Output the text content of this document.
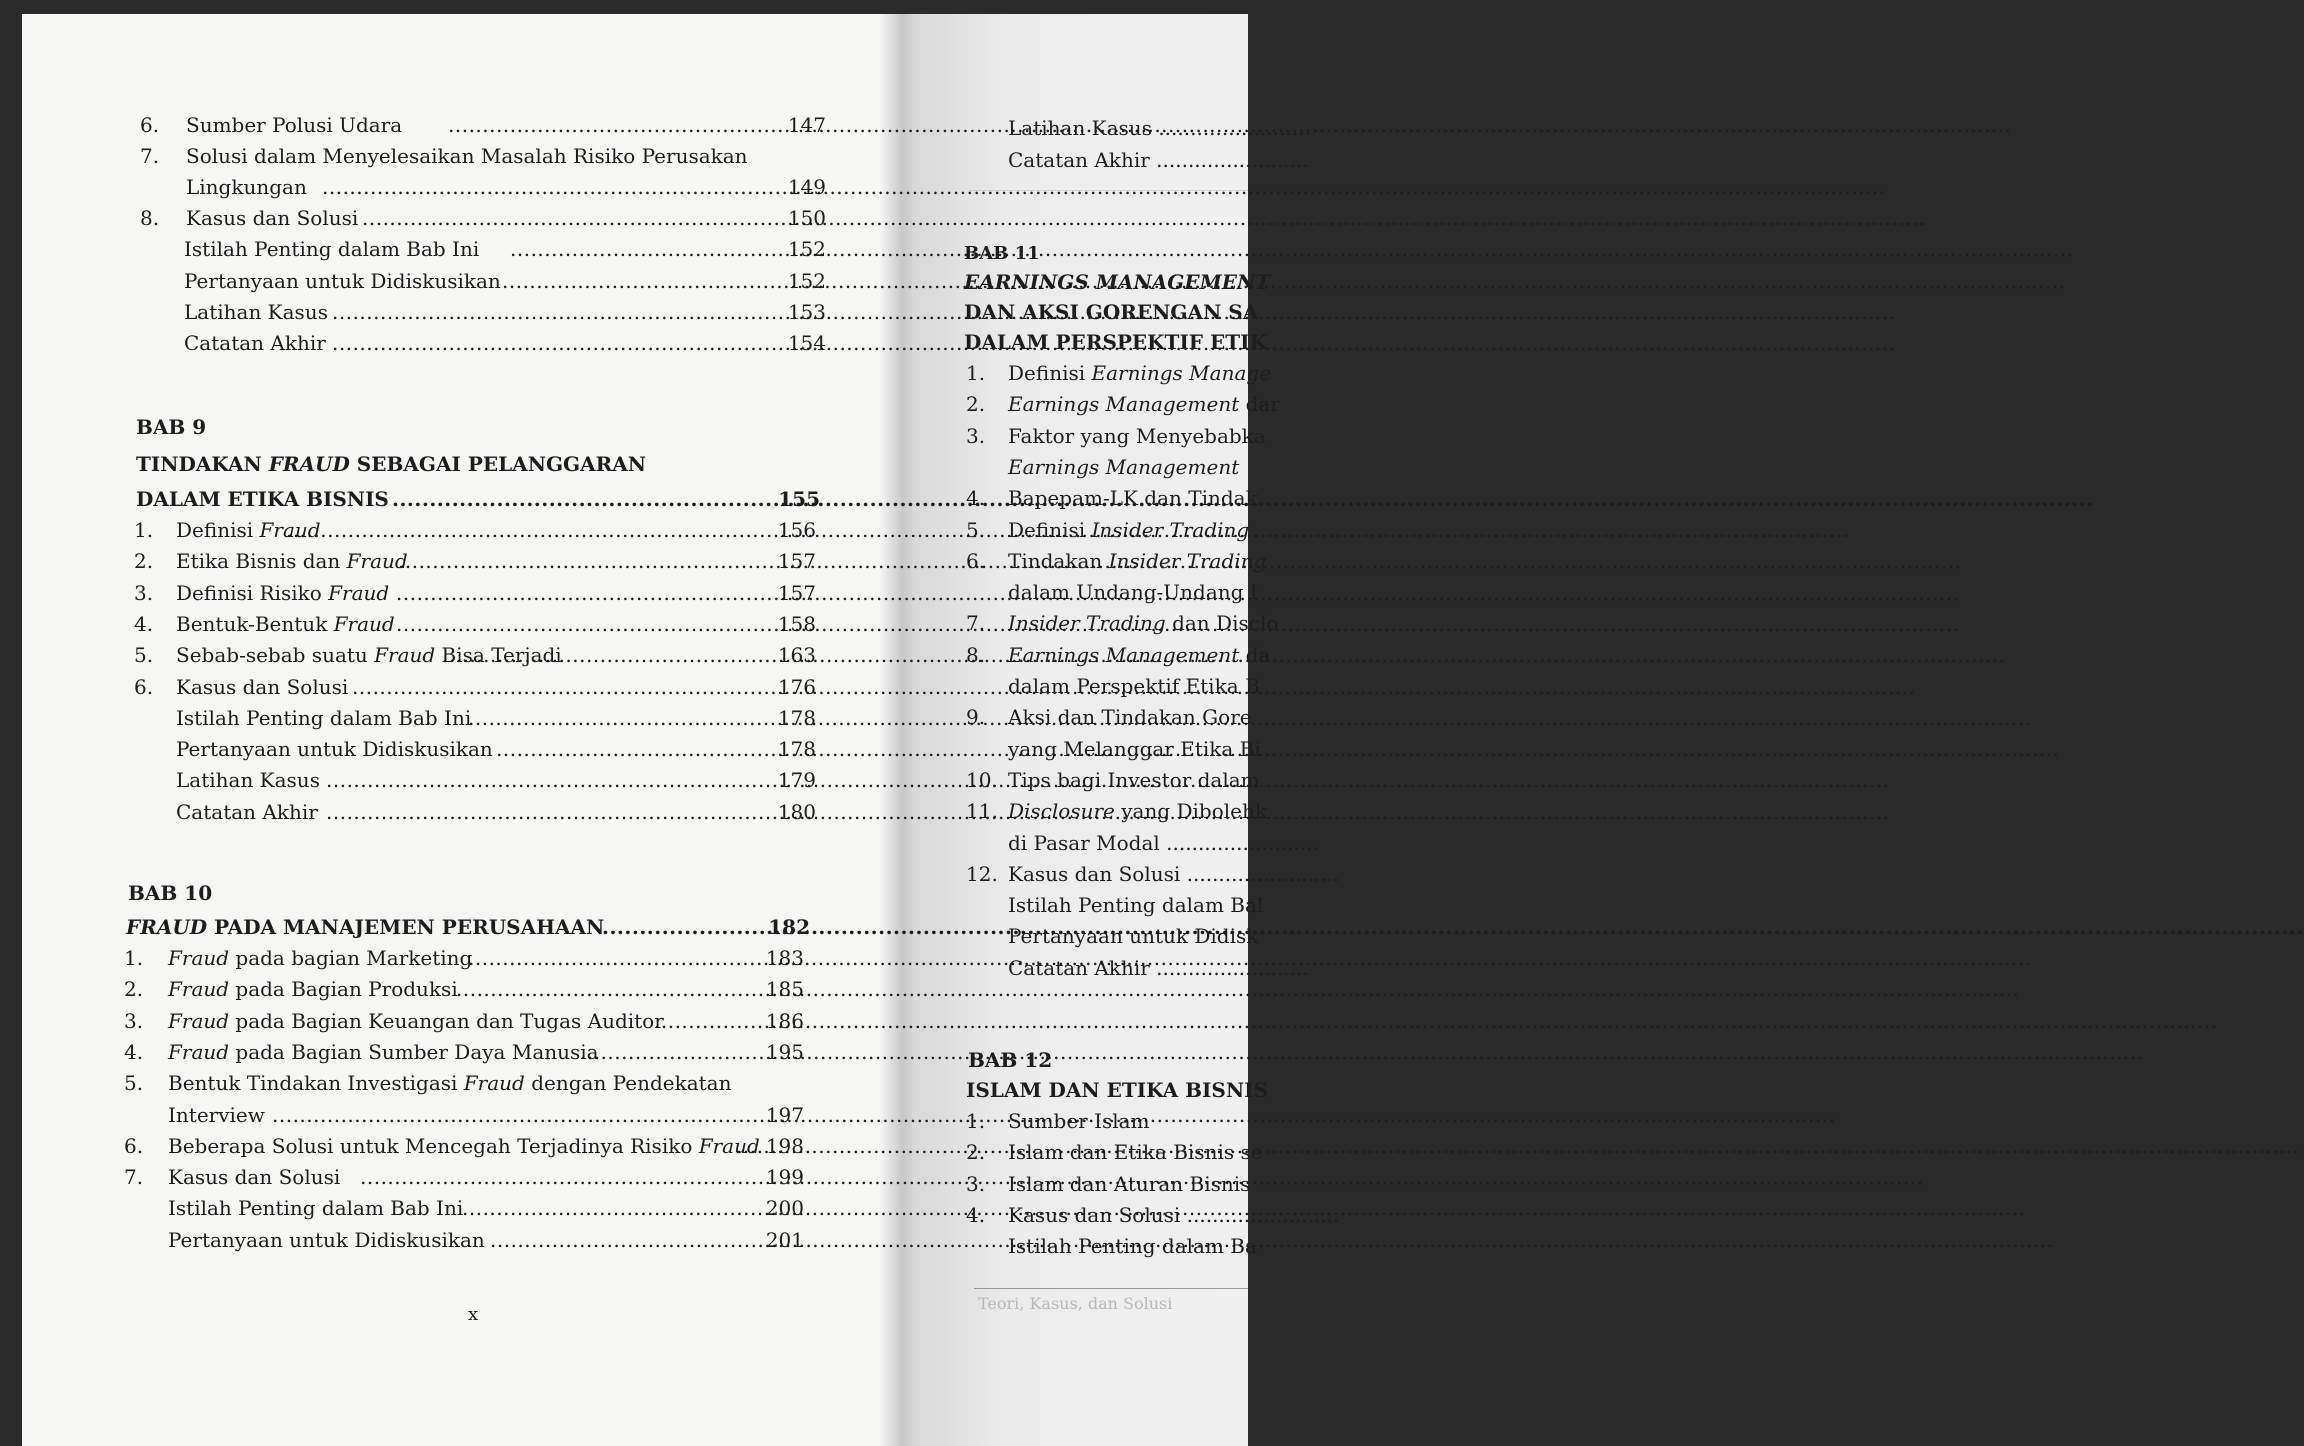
6. Sumber Polusi Udara .....	147
7. Solusi dalam Menyelesaikan Masalah Risiko Perusakan
Lingkungan .....	149
8. Kasus dan Solusi .....	150
Istilah Penting dalam Bab Ini .....	152
Pertanyaan untuk Didiskusikan .....	152
Latihan Kasus .....	153
Catatan Akhir .....	154
BAB 9
TINDAKAN FRAUD SEBAGAI PELANGGARAN
DALAM ETIKA BISNIS .....	155
1. Definisi Fraud .....	156
2. Etika Bisnis dan Fraud .....	157
3. Definisi Risiko Fraud .....	157
4. Bentuk-Bentuk Fraud .....	158
5. Sebab-sebab suatu Fraud Bisa Terjadi .....	163
6. Kasus dan Solusi .....	176
Istilah Penting dalam Bab Ini .....	178
Pertanyaan untuk Didiskusikan .....	178
Latihan Kasus .....	179
Catatan Akhir .....	180
BAB 10
FRAUD PADA MANAJEMEN PERUSAHAAN .....	182
1. Fraud pada bagian Marketing .....	183
2. Fraud pada Bagian Produksi .....	185
3. Fraud pada Bagian Keuangan dan Tugas Auditor .....	186
4. Fraud pada Bagian Sumber Daya Manusia .....	195
5. Bentuk Tindakan Investigasi Fraud dengan Pendekatan
Interview .....	197
6. Beberapa Solusi untuk Mencegah Terjadinya Risiko Fraud ..... 198
7. Kasus dan Solusi .....	199
Istilah Penting dalam Bab Ini .....	200
Pertanyaan untuk Didiskusikan .....	201
Latihan Kasus ........................
Catatan Akhir ........................
BAB 11
EARNINGS MANAGEMENT
DAN AKSI GORENGAN SA
DALAM PERSPEKTIF ETIK
1. Definisi Earnings Manage
2. Earnings Management dar
3. Faktor yang Menyebabka
Earnings Management
4. Bapepam-LK dan Tindak
5. Definisi Insider Trading
6. Tindakan Insider Trading
dalam Undang-Undang I
7. Insider Trading dan Disclo
8. Earnings Management da
dalam Perspektif Etika B
9. Aksi dan Tindakan Gore
yang Melanggar Etika Bi
10. Tips bagi Investor dalam
11. Disclosure yang Dibolehk
di Pasar Modal ........................
12. Kasus dan Solusi ........................
Istilah Penting dalam Bal
Pertanyaan untuk Didisk
Catatan Akhir ........................
BAB 12
ISLAM DAN ETIKA BISNIS
1. Sumber Islam
2. Islam dan Etika Bisnis se
3. Islam dan Aturan Bisnis
4. Kasus dan Solusi ........................
Istilah Penting dalam Ba
Teori, Kasus, dan Solusi
x
